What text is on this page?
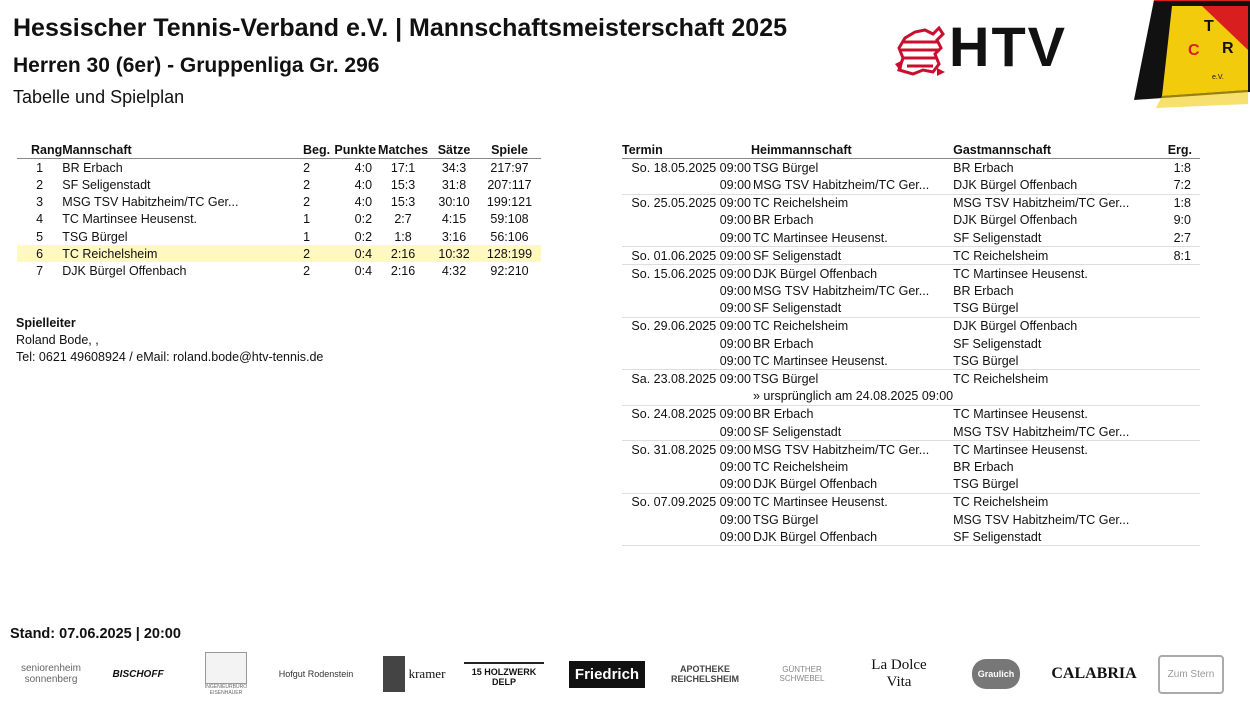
Hessischer Tennis-Verband e.V. | Mannschaftsmeisterschaft 2025
Herren 30 (6er) - Gruppenliga Gr. 296
Tabelle und Spielplan
HTV	T
C R
e.V.
Rang	Mannschaft	Beg.	Punkte	Matches	Sätze	Spiele
1	BR Erbach	2	4:0	17:1	34:3	217:97
2	SF Seligenstadt	2	4:0	15:3	31:8	207:117
3	MSG TSV Habitzheim/TC Ger...	2	4:0	15:3	30:10	199:121
4	TC Martinsee Heusenst.	1	0:2	2:7	4:15	59:108
5	TSG Bürgel	1	0:2	1:8	3:16	56:106
6	TC Reichelsheim	2	0:4	2:16	10:32	128:199
7	DJK Bürgel Offenbach	2	0:4	2:16	4:32	92:210
Spielleiter
Roland Bode, ,
Tel: 0621 49608924 / eMail: roland.bode@htv-tennis.de
Termin	Heimmannschaft	Gastmannschaft	Erg.
So. 18.05.2025 09:00	TSG Bürgel	BR Erbach	1:8
09:00	MSG TSV Habitzheim/TC Ger...	DJK Bürgel Offenbach	7:2
So. 25.05.2025 09:00	TC Reichelsheim	MSG TSV Habitzheim/TC Ger...	1:8
09:00	BR Erbach	DJK Bürgel Offenbach	9:0
09:00	TC Martinsee Heusenst.	SF Seligenstadt	2:7
So. 01.06.2025 09:00	SF Seligenstadt	TC Reichelsheim	8:1
So. 15.06.2025 09:00	DJK Bürgel Offenbach	TC Martinsee Heusenst.	
09:00	MSG TSV Habitzheim/TC Ger...	BR Erbach	
09:00	SF Seligenstadt	TSG Bürgel	
So. 29.06.2025 09:00	TC Reichelsheim	DJK Bürgel Offenbach	
09:00	BR Erbach	SF Seligenstadt	
09:00	TC Martinsee Heusenst.	TSG Bürgel	
Sa. 23.08.2025 09:00	TSG Bürgel	TC Reichelsheim	
	» ursprünglich am 24.08.2025 09:00		
So. 24.08.2025 09:00	BR Erbach	TC Martinsee Heusenst.	
09:00	SF Seligenstadt	MSG TSV Habitzheim/TC Ger...	
So. 31.08.2025 09:00	MSG TSV Habitzheim/TC Ger...	TC Martinsee Heusenst.	
09:00	TC Reichelsheim	BR Erbach	
09:00	DJK Bürgel Offenbach	TSG Bürgel	
So. 07.09.2025 09:00	TC Martinsee Heusenst.	TC Reichelsheim	
09:00	TSG Bürgel	MSG TSV Habitzheim/TC Ger...	
09:00	DJK Bürgel Offenbach	SF Seligenstadt	
Stand: 07.06.2025 | 20:00
seniorenheim sonnenberg	BISCHOFF
INGENIEURBÜRO EISENHAUER
Hofgut Rodenstein	kramer	15 HOLZWERK DELP	Friedrich	APOTHEKE REICHELSHEIM
GÜNTHER SCHWEBEL
La Dolce Vita	Graulich	CALABRIA	Zum Stern
